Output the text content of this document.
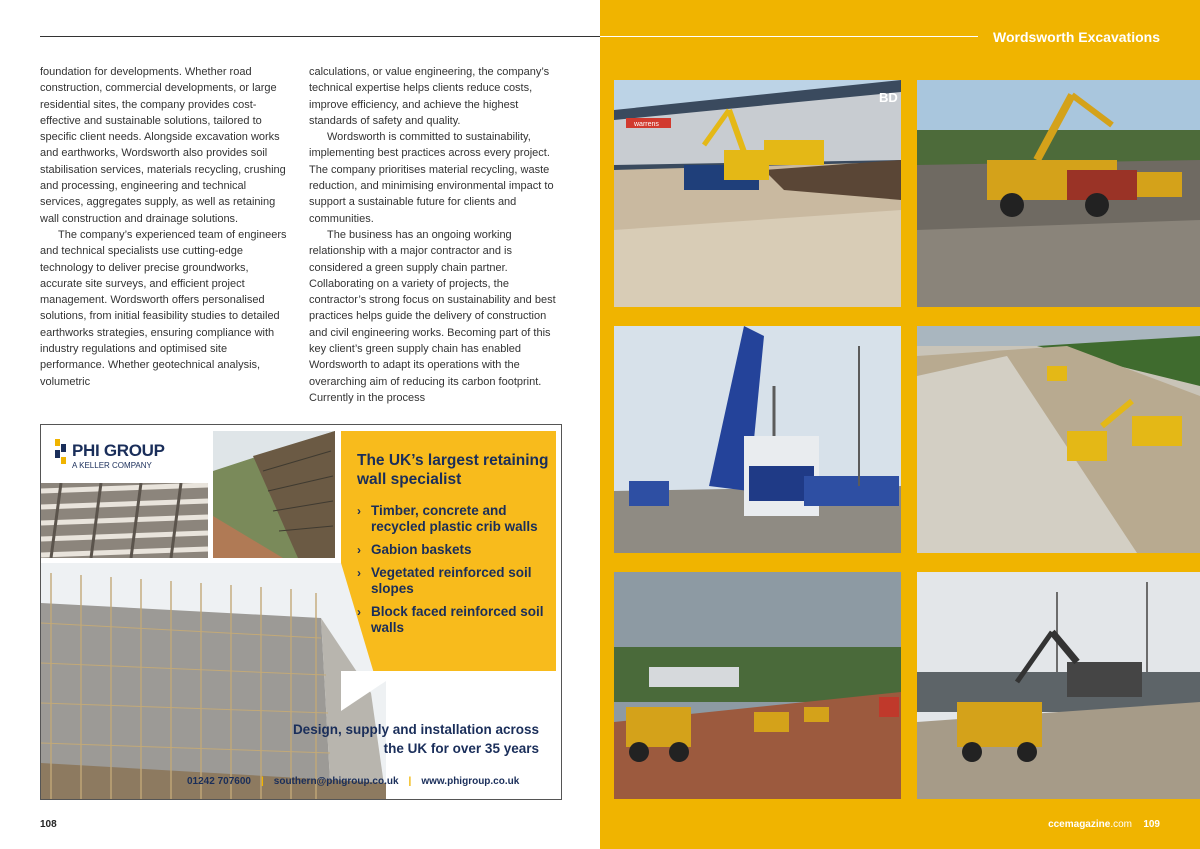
foundation for developments. Whether road construction, commercial developments, or large residential sites, the company provides cost-effective and sustainable solutions, tailored to specific client needs. Alongside excavation works and earthworks, Wordsworth also provides soil stabilisation services, materials recycling, crushing and processing, engineering and technical services, aggregates supply, as well as retaining wall construction and drainage solutions.

The company’s experienced team of engineers and technical specialists use cutting-edge technology to deliver precise groundworks, accurate site surveys, and efficient project management. Wordsworth offers personalised solutions, from initial feasibility studies to detailed earthworks strategies, ensuring compliance with industry regulations and optimised site performance. Whether geotechnical analysis, volumetric

calculations, or value engineering, the company’s technical expertise helps clients reduce costs, improve efficiency, and achieve the highest standards of safety and quality.

Wordsworth is committed to sustainability, implementing best practices across every project. The company prioritises material recycling, waste reduction, and minimising environmental impact to support a sustainable future for clients and communities.

The business has an ongoing working relationship with a major contractor and is considered a green supply chain partner. Collaborating on a variety of projects, the contractor’s strong focus on sustainability and best practices helps guide the delivery of construction and civil engineering works. Becoming part of this key client’s green supply chain has enabled Wordsworth to adapt its operations with the overarching aim of reducing its carbon footprint. Currently in the process

PHI GROUP
A KELLER COMPANY	The UK’s largest retaining wall specialist

› Timber, concrete and recycled plastic crib walls
› Gabion baskets
› Vegetated reinforced soil slopes
› Block faced reinforced soil walls

Design, supply and installation across the UK for over 35 years

01242 707600 | southern@phigroup.co.uk | www.phigroup.co.uk
108
Wordsworth Excavations
warrens
BD
ccemagazine.com 109
